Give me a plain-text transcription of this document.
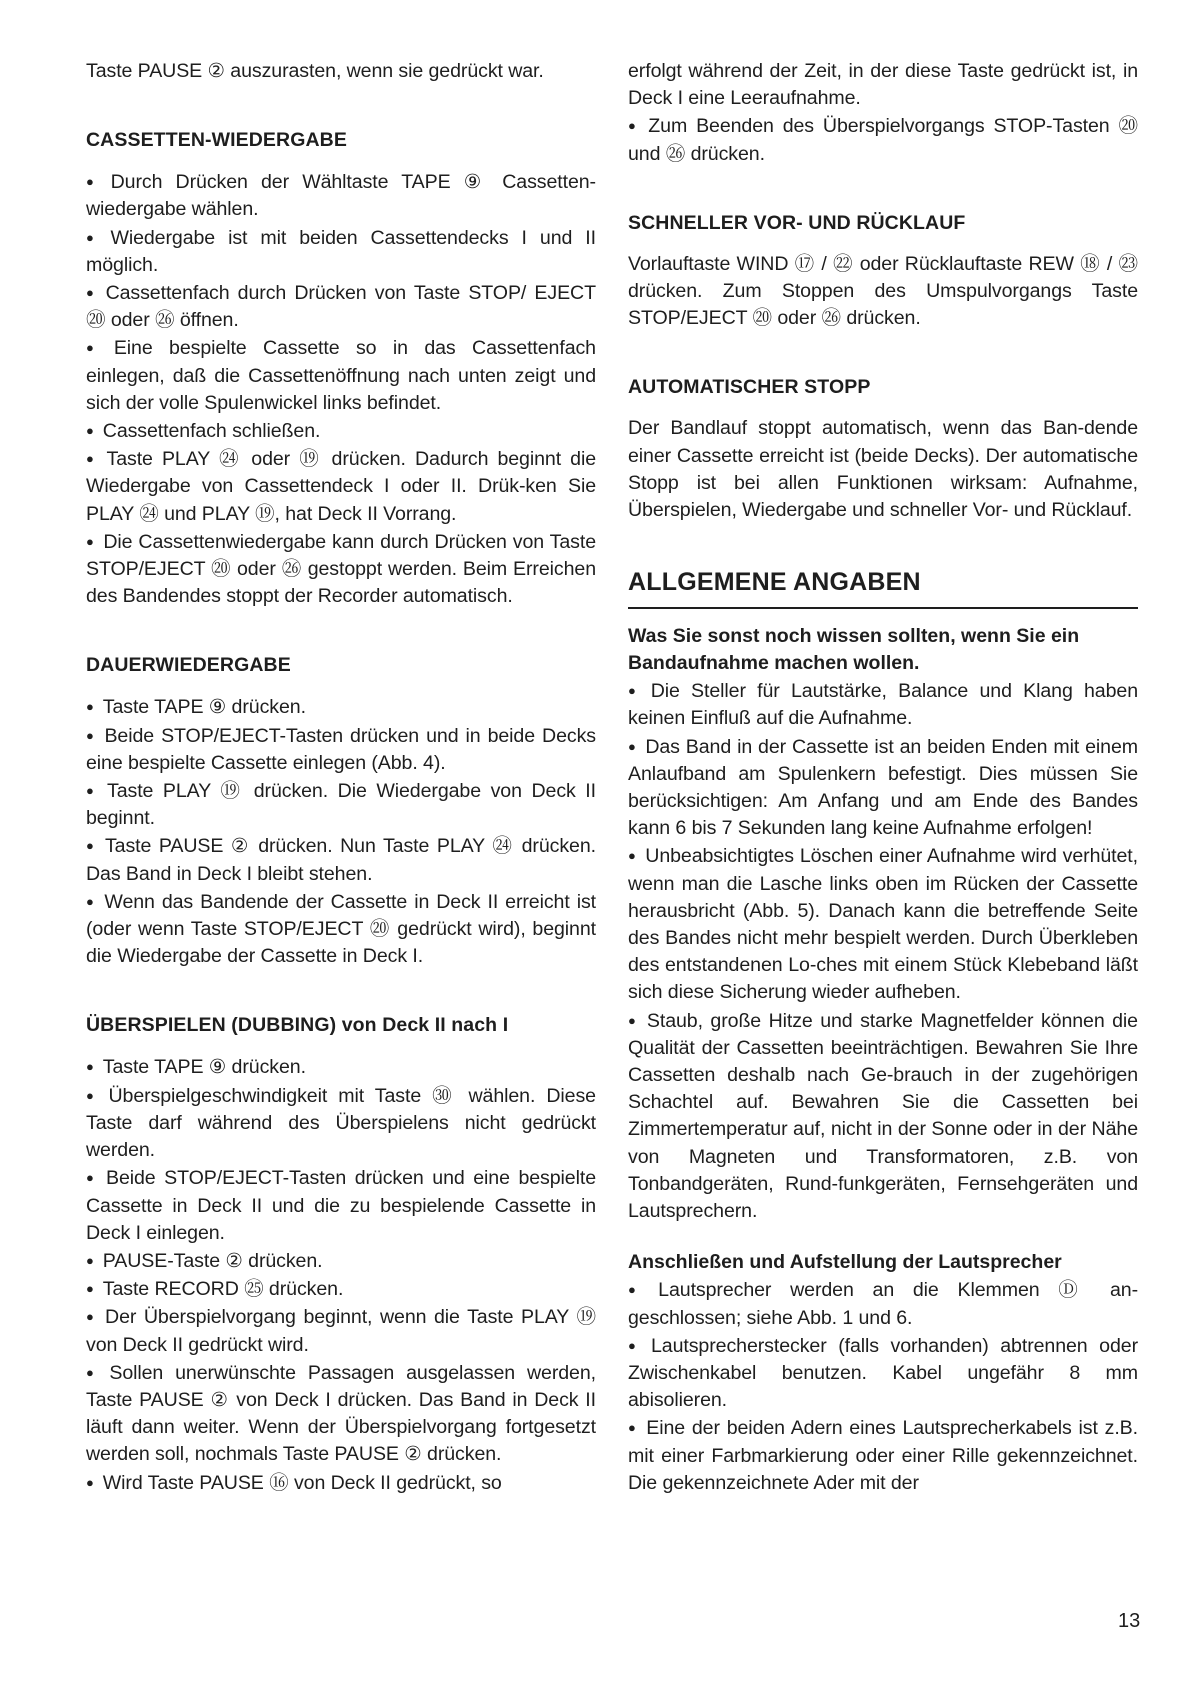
Taste PAUSE ② auszurasten, wenn sie gedrückt war.

CASSETTEN-WIEDERGABE

● Durch Drücken der Wähltaste TAPE ⑨ Cassetten-wiedergabe wählen.

● Wiedergabe ist mit beiden Cassettendecks I und II möglich.

● Cassettenfach durch Drücken von Taste STOP/ EJECT ⑳ oder ㉖ öffnen.

● Eine bespielte Cassette so in das Cassettenfach einlegen, daß die Cassettenöffnung nach unten zeigt und sich der volle Spulenwickel links befindet.

● Cassettenfach schließen.

● Taste PLAY ㉔ oder ⑲ drücken. Dadurch beginnt die Wiedergabe von Cassettendeck I oder II. Drük-ken Sie PLAY ㉔ und PLAY ⑲, hat Deck II Vorrang.

● Die Cassettenwiedergabe kann durch Drücken von Taste STOP/EJECT ⑳ oder ㉖ gestoppt werden. Beim Erreichen des Bandendes stoppt der Recorder automatisch.

DAUERWIEDERGABE

● Taste TAPE ⑨ drücken.

● Beide STOP/EJECT-Tasten drücken und in beide Decks eine bespielte Cassette einlegen (Abb. 4).

● Taste PLAY ⑲ drücken. Die Wiedergabe von Deck II beginnt.

● Taste PAUSE ② drücken. Nun Taste PLAY ㉔ drücken. Das Band in Deck I bleibt stehen.

● Wenn das Bandende der Cassette in Deck II erreicht ist (oder wenn Taste STOP/EJECT ⑳ gedrückt wird), beginnt die Wiedergabe der Cassette in Deck I.

ÜBERSPIELEN (DUBBING) von Deck II nach I

● Taste TAPE ⑨ drücken.

● Überspielgeschwindigkeit mit Taste ㉚ wählen. Diese Taste darf während des Überspielens nicht gedrückt werden.

● Beide STOP/EJECT-Tasten drücken und eine bespielte Cassette in Deck II und die zu bespielende Cassette in Deck I einlegen.

● PAUSE-Taste ② drücken.

● Taste RECORD ㉕ drücken.

● Der Überspielvorgang beginnt, wenn die Taste PLAY ⑲ von Deck II gedrückt wird.

● Sollen unerwünschte Passagen ausgelassen werden, Taste PAUSE ② von Deck I drücken. Das Band in Deck II läuft dann weiter. Wenn der Überspielvorgang fortgesetzt werden soll, nochmals Taste PAUSE ② drücken.

● Wird Taste PAUSE ⑯ von Deck II gedrückt, so

erfolgt während der Zeit, in der diese Taste gedrückt ist, in Deck I eine Leeraufnahme.

● Zum Beenden des Überspielvorgangs STOP-Tasten ⑳ und ㉖ drücken.

SCHNELLER VOR- UND RÜCKLAUF

Vorlauftaste WIND ⑰ / ㉒ oder Rücklauftaste REW ⑱ / ㉓ drücken. Zum Stoppen des Umspulvorgangs Taste STOP/EJECT ⑳ oder ㉖ drücken.

AUTOMATISCHER STOPP

Der Bandlauf stoppt automatisch, wenn das Ban-dende einer Cassette erreicht ist (beide Decks). Der automatische Stopp ist bei allen Funktionen wirksam: Aufnahme, Überspielen, Wiedergabe und schneller Vor- und Rücklauf.

ALLGEMENE ANGABEN

Was Sie sonst noch wissen sollten, wenn Sie ein Bandaufnahme machen wollen.

● Die Steller für Lautstärke, Balance und Klang haben keinen Einfluß auf die Aufnahme.

● Das Band in der Cassette ist an beiden Enden mit einem Anlaufband am Spulenkern befestigt. Dies müssen Sie berücksichtigen: Am Anfang und am Ende des Bandes kann 6 bis 7 Sekunden lang keine Aufnahme erfolgen!

● Unbeabsichtigtes Löschen einer Aufnahme wird verhütet, wenn man die Lasche links oben im Rücken der Cassette herausbricht (Abb. 5). Danach kann die betreffende Seite des Bandes nicht mehr bespielt werden. Durch Überkleben des entstandenen Lo-ches mit einem Stück Klebeband läßt sich diese Sicherung wieder aufheben.

● Staub, große Hitze und starke Magnetfelder können die Qualität der Cassetten beeinträchtigen. Bewahren Sie Ihre Cassetten deshalb nach Ge-brauch in der zugehörigen Schachtel auf. Bewahren Sie die Cassetten bei Zimmertemperatur auf, nicht in der Sonne oder in der Nähe von Magneten und Transformatoren, z.B. von Tonbandgeräten, Rund-funkgeräten, Fernsehgeräten und Lautsprechern.

Anschließen und Aufstellung der Lautsprecher

● Lautsprecher werden an die Klemmen Ⓓ an-geschlossen; siehe Abb. 1 und 6.

● Lautsprecherstecker (falls vorhanden) abtrennen oder Zwischenkabel benutzen. Kabel ungefähr 8 mm abisolieren.

● Eine der beiden Adern eines Lautsprecherkabels ist z.B. mit einer Farbmarkierung oder einer Rille gekennzeichnet. Die gekennzeichnete Ader mit der

13
